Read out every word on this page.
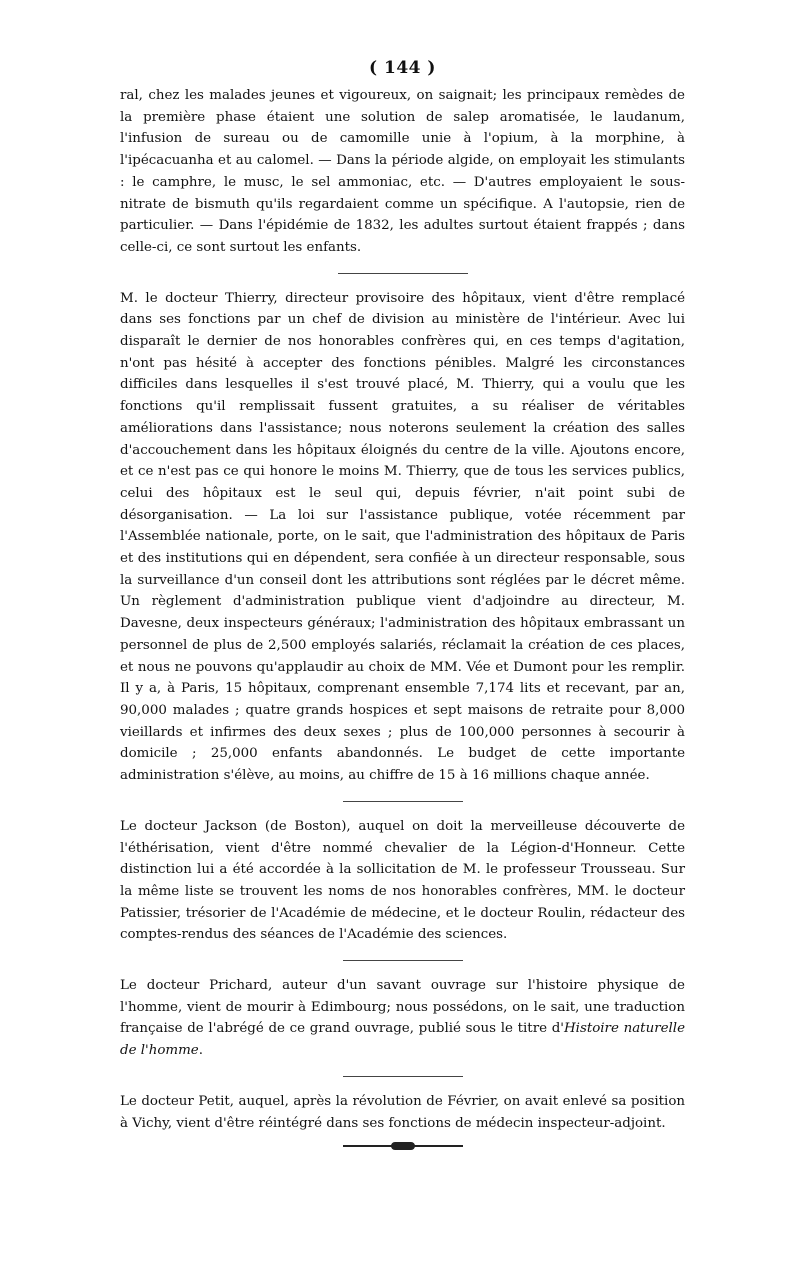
( 144 )

ral, chez les malades jeunes et vigoureux, on saignait; les principaux remèdes de la première phase étaient une solution de salep aromatisée, le laudanum, l'infusion de sureau ou de camomille unie à l'opium, à la morphine, à l'ipécacuanha et au calomel. — Dans la période algide, on employait les stimulants : le camphre, le musc, le sel ammoniac, etc. — D'autres employaient le sous-nitrate de bismuth qu'ils regardaient comme un spécifique. A l'autopsie, rien de particulier. — Dans l'épidémie de 1832, les adultes surtout étaient frappés ; dans celle-ci, ce sont surtout les enfants.

M. le docteur Thierry, directeur provisoire des hôpitaux, vient d'être remplacé dans ses fonctions par un chef de division au ministère de l'intérieur. Avec lui disparaît le dernier de nos honorables confrères qui, en ces temps d'agitation, n'ont pas hésité à accepter des fonctions pénibles. Malgré les circonstances difficiles dans lesquelles il s'est trouvé placé, M. Thierry, qui a voulu que les fonctions qu'il remplissait fussent gratuites, a su réaliser de véritables améliorations dans l'assistance; nous noterons seulement la création des salles d'accouchement dans les hôpitaux éloignés du centre de la ville. Ajoutons encore, et ce n'est pas ce qui honore le moins M. Thierry, que de tous les services publics, celui des hôpitaux est le seul qui, depuis février, n'ait point subi de désorganisation. — La loi sur l'assistance publique, votée récemment par l'Assemblée nationale, porte, on le sait, que l'administration des hôpitaux de Paris et des institutions qui en dépendent, sera confiée à un directeur responsable, sous la surveillance d'un conseil dont les attributions sont réglées par le décret même. Un règlement d'administration publique vient d'adjoindre au directeur, M. Davesne, deux inspecteurs généraux; l'administration des hôpitaux embrassant un personnel de plus de 2,500 employés salariés, réclamait la création de ces places, et nous ne pouvons qu'applaudir au choix de MM. Vée et Dumont pour les remplir. Il y a, à Paris, 15 hôpitaux, comprenant ensemble 7,174 lits et recevant, par an, 90,000 malades ; quatre grands hospices et sept maisons de retraite pour 8,000 vieillards et infirmes des deux sexes ; plus de 100,000 personnes à secourir à domicile ; 25,000 enfants abandonnés. Le budget de cette importante administration s'élève, au moins, au chiffre de 15 à 16 millions chaque année.

Le docteur Jackson (de Boston), auquel on doit la merveilleuse découverte de l'éthérisation, vient d'être nommé chevalier de la Légion-d'Honneur. Cette distinction lui a été accordée à la sollicitation de M. le professeur Trousseau. Sur la même liste se trouvent les noms de nos honorables confrères, MM. le docteur Patissier, trésorier de l'Académie de médecine, et le docteur Roulin, rédacteur des comptes-rendus des séances de l'Académie des sciences.

Le docteur Prichard, auteur d'un savant ouvrage sur l'histoire physique de l'homme, vient de mourir à Edimbourg; nous possédons, on le sait, une traduction française de l'abrégé de ce grand ouvrage, publié sous le titre d'Histoire naturelle de l'homme.

Le docteur Petit, auquel, après la révolution de Février, on avait enlevé sa position à Vichy, vient d'être réintégré dans ses fonctions de médecin inspecteur-adjoint.
